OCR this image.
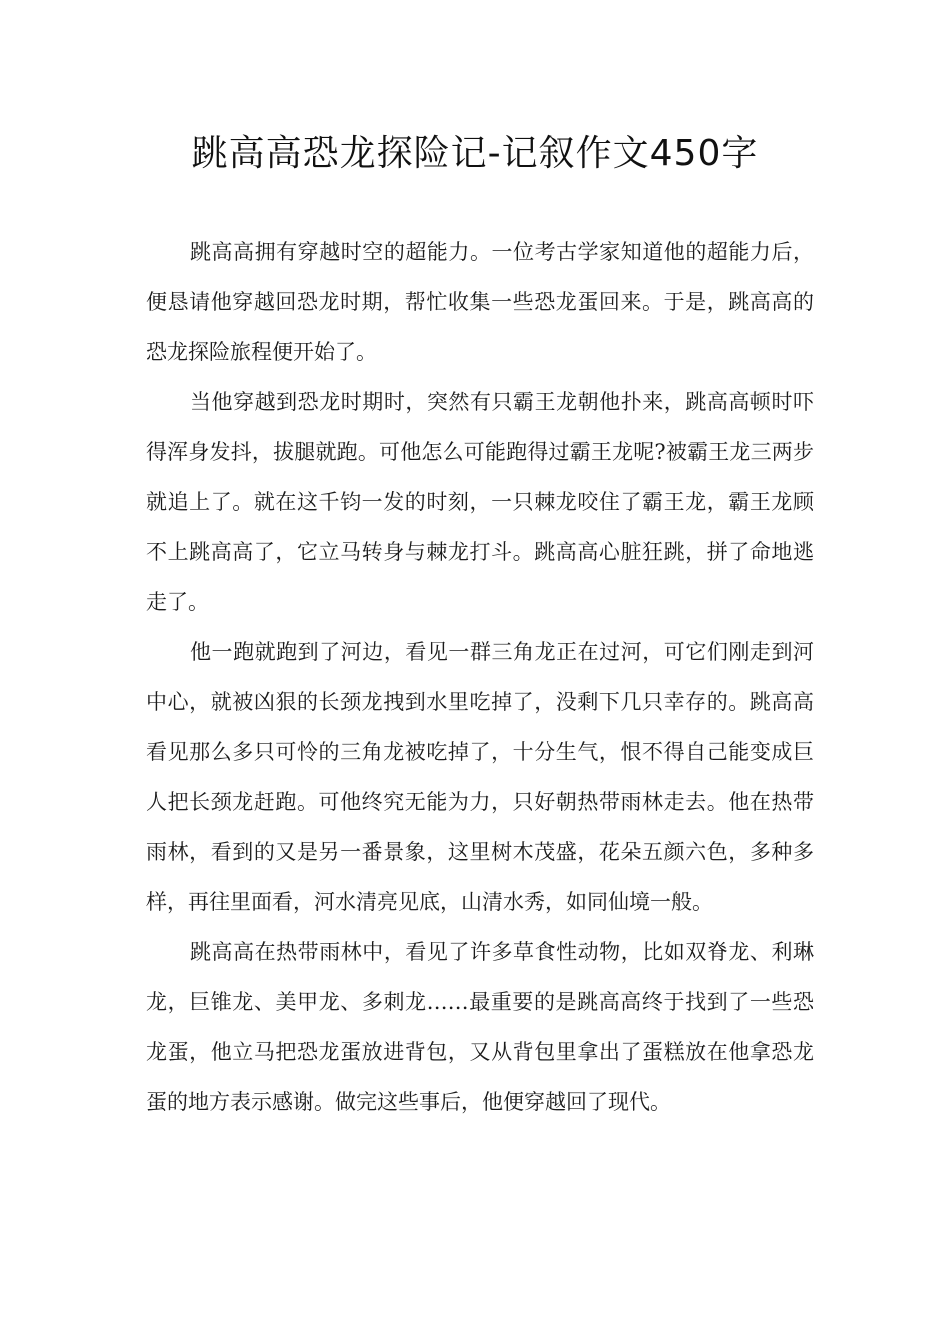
跳高高恐龙探险记-记叙作文450字

跳高高拥有穿越时空的超能力。一位考古学家知道他的超能力后，便恳请他穿越回恐龙时期，帮忙收集一些恐龙蛋回来。于是，跳高高的恐龙探险旅程便开始了。

当他穿越到恐龙时期时，突然有只霸王龙朝他扑来，跳高高顿时吓得浑身发抖，拔腿就跑。可他怎么可能跑得过霸王龙呢?被霸王龙三两步就追上了。就在这千钧一发的时刻，一只棘龙咬住了霸王龙，霸王龙顾不上跳高高了，它立马转身与棘龙打斗。跳高高心脏狂跳，拼了命地逃走了。

他一跑就跑到了河边，看见一群三角龙正在过河，可它们刚走到河中心，就被凶狠的长颈龙拽到水里吃掉了，没剩下几只幸存的。跳高高看见那么多只可怜的三角龙被吃掉了，十分生气，恨不得自己能变成巨人把长颈龙赶跑。可他终究无能为力，只好朝热带雨林走去。他在热带雨林，看到的又是另一番景象，这里树木茂盛，花朵五颜六色，多种多样，再往里面看，河水清亮见底，山清水秀，如同仙境一般。

跳高高在热带雨林中，看见了许多草食性动物，比如双脊龙、利琳龙，巨锥龙、美甲龙、多刺龙……最重要的是跳高高终于找到了一些恐龙蛋，他立马把恐龙蛋放进背包，又从背包里拿出了蛋糕放在他拿恐龙蛋的地方表示感谢。做完这些事后，他便穿越回了现代。
